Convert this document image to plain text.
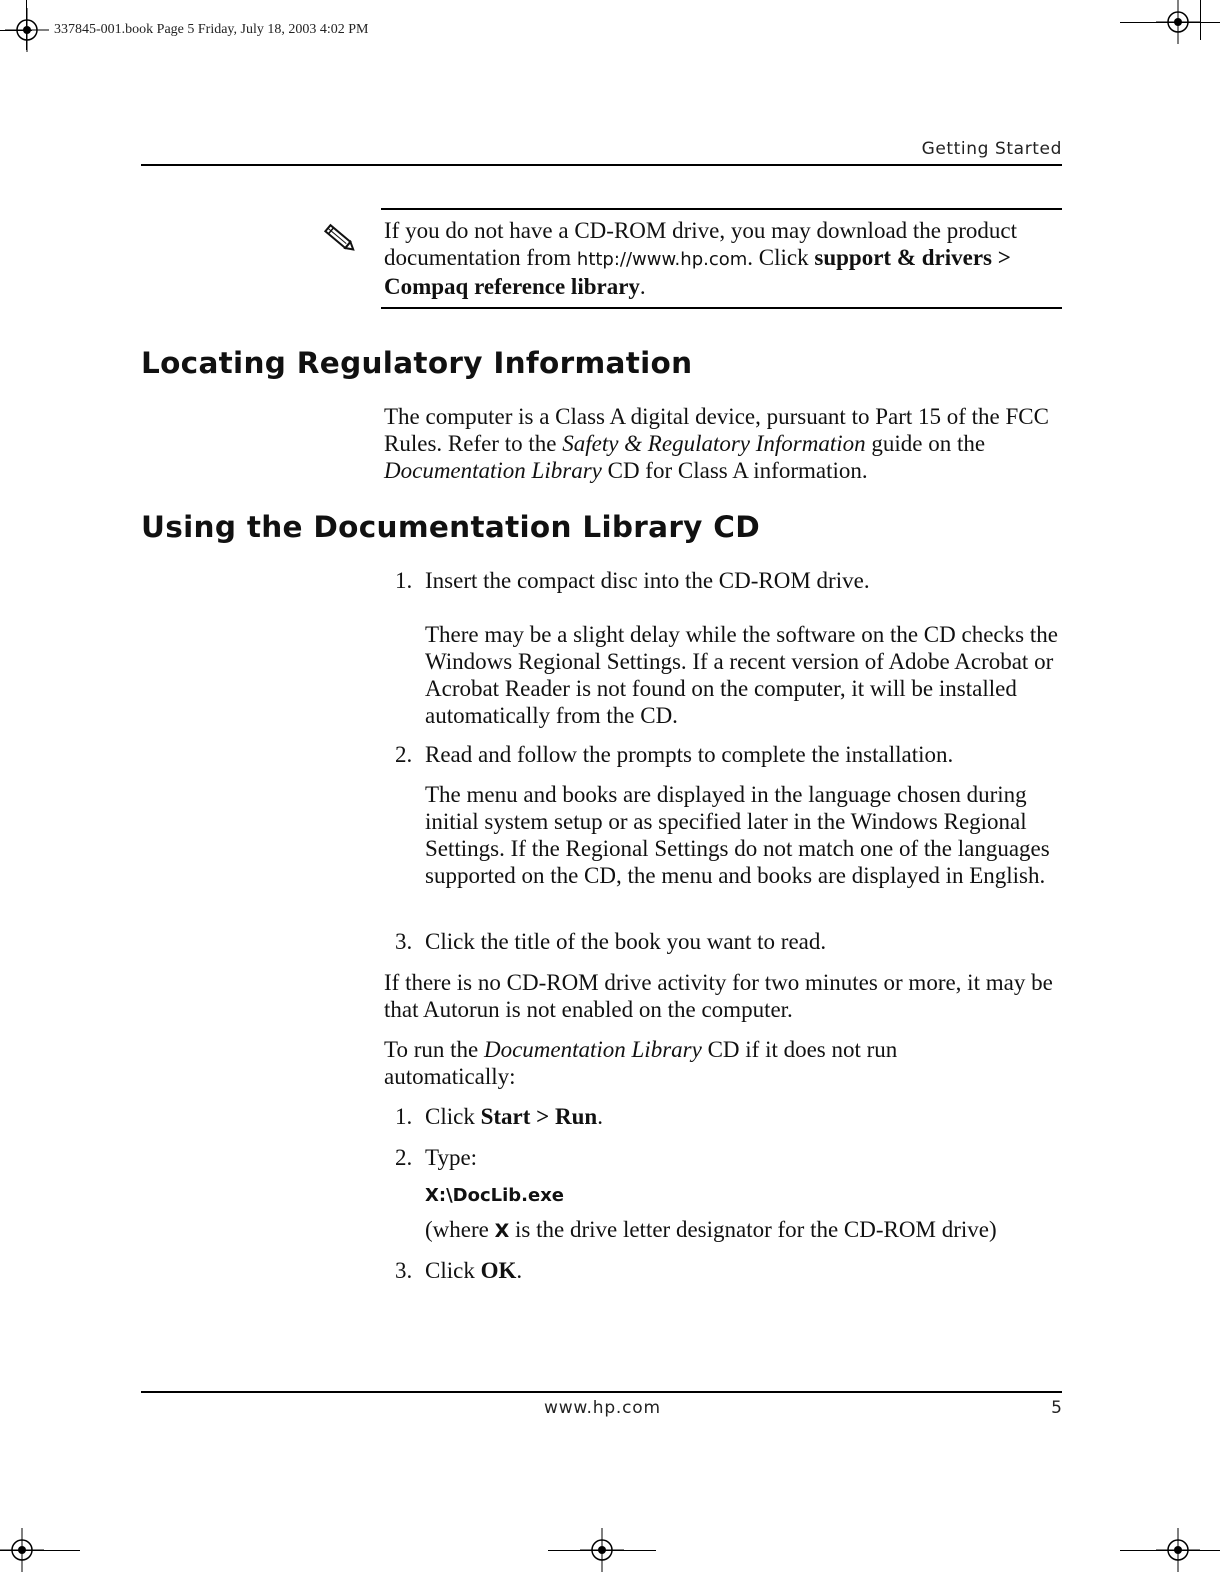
337845-001.book Page 5 Friday, July 18, 2003 4:02 PM
Getting Started
If you do not have a CD-ROM drive, you may download the product documentation from http://www.hp.com. Click support & drivers > Compaq reference library.
Locating Regulatory Information
The computer is a Class A digital device, pursuant to Part 15 of the FCC Rules. Refer to the Safety & Regulatory Information guide on the Documentation Library CD for Class A information.
Using the Documentation Library CD
1. Insert the compact disc into the CD-ROM drive.
There may be a slight delay while the software on the CD checks the Windows Regional Settings. If a recent version of Adobe Acrobat or Acrobat Reader is not found on the computer, it will be installed automatically from the CD.
2. Read and follow the prompts to complete the installation.
The menu and books are displayed in the language chosen during initial system setup or as specified later in the Windows Regional Settings. If the Regional Settings do not match one of the languages supported on the CD, the menu and books are displayed in English.
3. Click the title of the book you want to read.
If there is no CD-ROM drive activity for two minutes or more, it may be that Autorun is not enabled on the computer.
To run the Documentation Library CD if it does not run automatically:
1. Click Start > Run.
2. Type:
X:\DocLib.exe
(where X is the drive letter designator for the CD-ROM drive)
3. Click OK.
www.hp.com	5
